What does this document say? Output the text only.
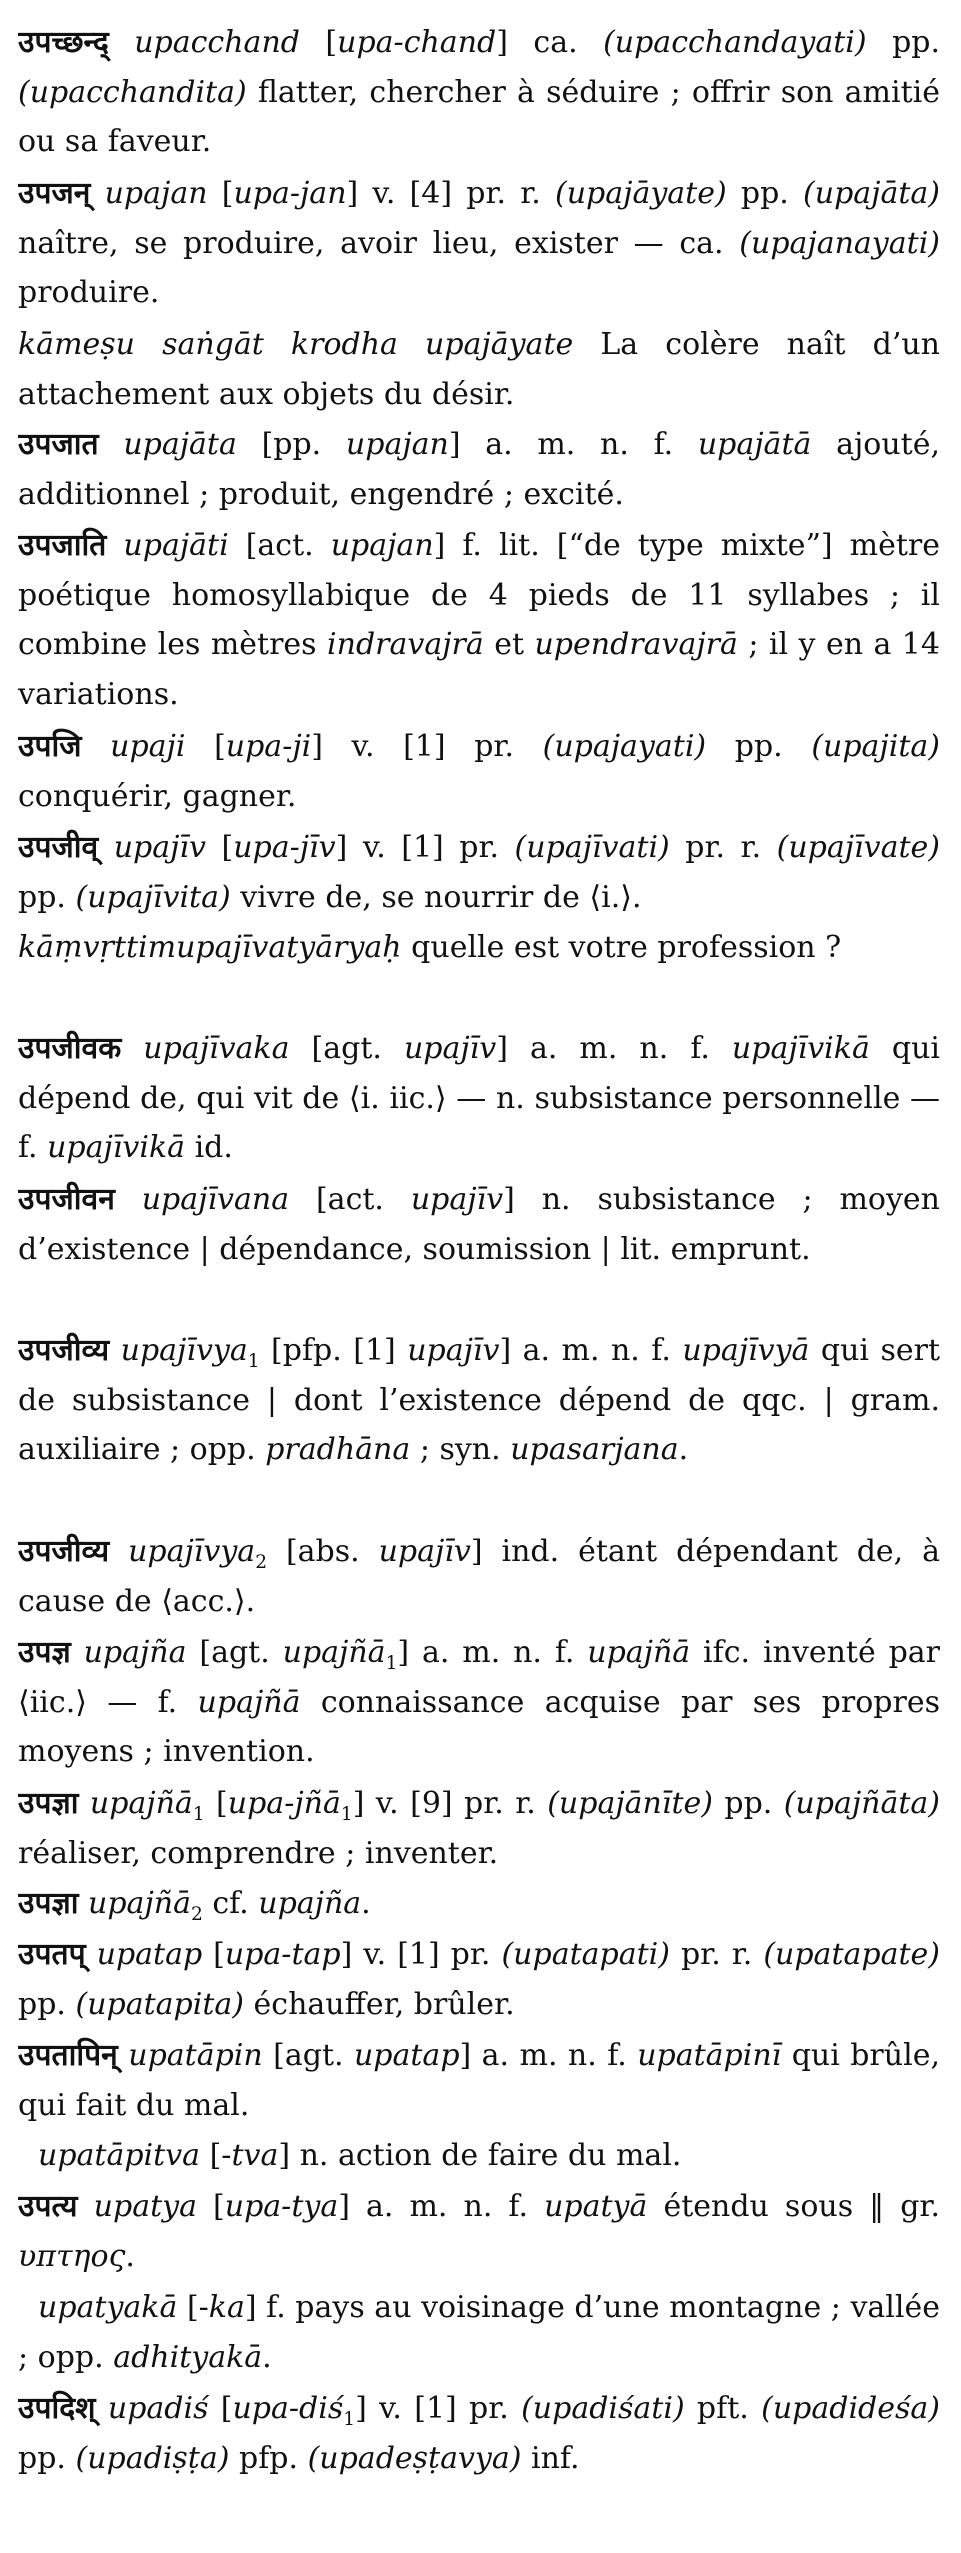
उपच्छन्द् upacchand [upa-chand] ca. (upacchandayati) pp. (upacchandita) flatter, chercher à séduire ; offrir son amitié ou sa faveur.
उपजन् upajan [upa-jan] v. [4] pr. r. (upajāyate) pp. (upajāta) naître, se produire, avoir lieu, exister — ca. (upajanayati) produire.
kāmeṣu saṅgāt krodha upajāyate La colère naît d’un attachement aux objets du désir.
उपजात upajāta [pp. upajan] a. m. n. f. upajātā ajouté, additionnel ; produit, engendré ; excité.
उपजाति upajāti [act. upajan] f. lit. [“de type mixte”] mètre poétique homosyllabique de 4 pieds de 11 syllabes ; il combine les mètres indravajrā et upendravajrā ; il y en a 14 variations.
उपजि upaji [upa-ji] v. [1] pr. (upajayati) pp. (upajita) conquérir, gagner.
उपजीव् upajīv [upa-jīv] v. [1] pr. (upajīvati) pr. r. (upajīvate) pp. (upajīvita) vivre de, se nourrir de ⟨i.⟩.
kāṃvṛttimupajīvatyāryaḥ quelle est votre profession ?
उपजीवक upajīvaka [agt. upajīv] a. m. n. f. upajīvikā qui dépend de, qui vit de ⟨i. iic.⟩ — n. subsistance personnelle — f. upajīvikā id.
उपजीवन upajīvana [act. upajīv] n. subsistance ; moyen d’existence | dépendance, soumission | lit. emprunt.
उपजीव्य upajīvya$_1$ [pfp. [1] upajīv] a. m. n. f. upajīvyā qui sert de subsistance | dont l’existence dépend de qqc. | gram. auxiliaire ; opp. pradhāna ; syn. upasarjana.
उपजीव्य upajīvya$_2$ [abs. upajīv] ind. étant dépendant de, à cause de ⟨acc.⟩.
उपज्ञ upajña [agt. upajñā$_1$] a. m. n. f. upajñā ifc. inventé par ⟨iic.⟩ — f. upajñā connaissance acquise par ses propres moyens ; invention.
उपज्ञा upajñā$_1$ [upa-jñā$_1$] v. [9] pr. r. (upajānīte) pp. (upajñāta) réaliser, comprendre ; inventer.
उपज्ञा upajñā$_2$ cf. upajña.
उपतप् upatap [upa-tap] v. [1] pr. (upatapati) pr. r. (upatapate) pp. (upatapita) échauffer, brûler.
उपतापिन् upatāpin [agt. upatap] a. m. n. f. upatāpinī qui brûle, qui fait du mal.
upatāpitva [-tva] n. action de faire du mal.
उपत्य upatya [upa-tya] a. m. n. f. upatyā étendu sous ‖ gr. υπτηος.
upatyakā [-ka] f. pays au voisinage d’une montagne ; vallée ; opp. adhityakā.
उपदिश् upadiś [upa-diś$_1$] v. [1] pr. (upadiśati) pft. (upadideśa) pp. (upadiṣṭa) pfp. (upadeṣṭavya) inf.
